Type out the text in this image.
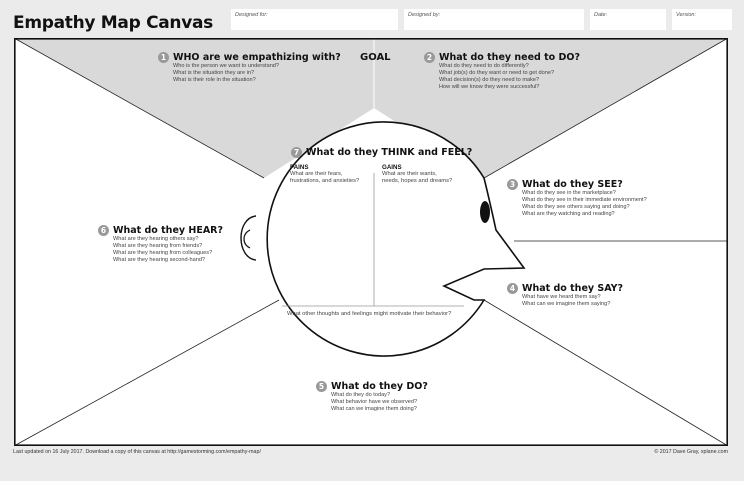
Empathy Map Canvas	Designed for:	Designed by:	Date:	Version:
GOAL
1 WHO are we empathizing with?
Who is the person we want to understand?
What is the situation they are in?
What is their role in the situation?
2 What do they need to DO?
What do they need to do differently?
What job(s) do they want or need to get done?
What decision(s) do they need to make?
How will we know they were successful?
7 What do they THINK and FEEL?
PAINS
What are their fears,
frustrations, and anxieties?
GAINS
What are their wants,
needs, hopes and dreams?
What other thoughts and feelings might motivate their behavior?
3 What do they SEE?
What do they see in the marketplace?
What do they see in their immediate environment?
What do they see others saying and doing?
What are they watching and reading?
6 What do they HEAR?
What are they hearing others say?
What are they hearing from friends?
What are they hearing from colleagues?
What are they hearing second-hand?
4 What do they SAY?
What have we heard them say?
What can we imagine them saying?
5 What do they DO?
What do they do today?
What behavior have we observed?
What can we imagine them doing?
Last updated on 16 July 2017. Download a copy of this canvas at http://gamestorming.com/empathy-map/	© 2017 Dave Gray, xplane.com
